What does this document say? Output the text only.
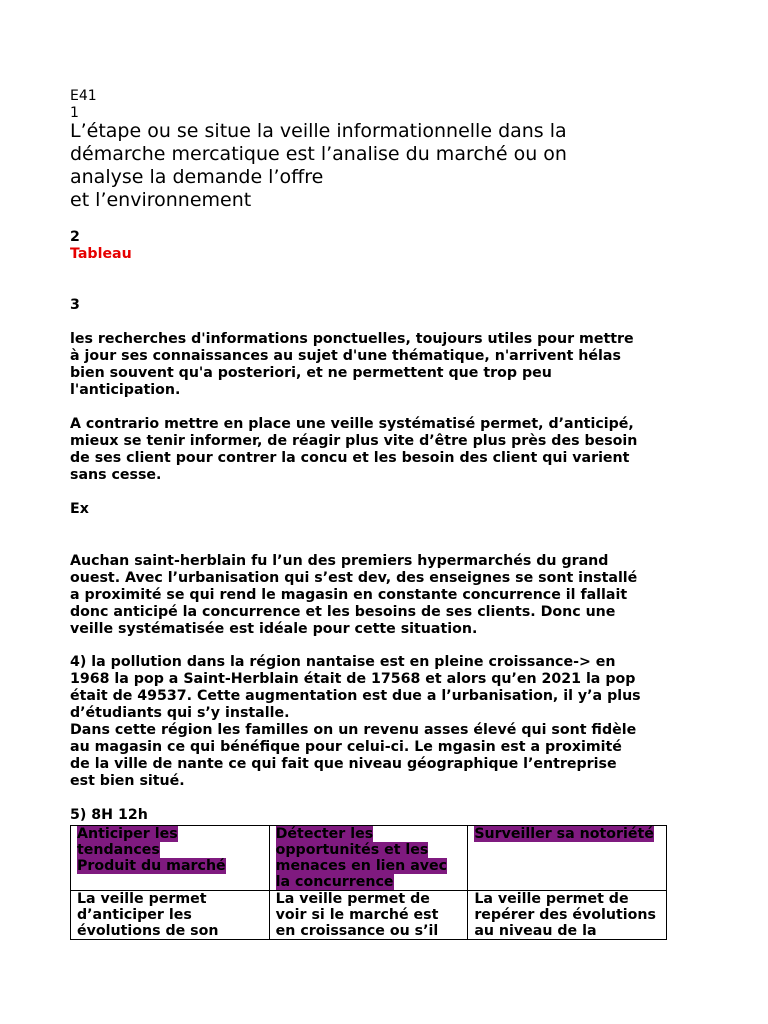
E41

1

L’étape ou se situe la veille informationnelle dans la
démarche mercatique est l’analise du marché ou on
analyse la demande l’offre
et l’environnement

2

Tableau

3

les recherches d'informations ponctuelles, toujours utiles pour mettre
à jour ses connaissances au sujet d'une thématique, n'arrivent hélas
bien souvent qu'a posteriori, et ne permettent que trop peu
l'anticipation.
A contrario mettre en place une veille systématisé permet, d’anticipé,
mieux se tenir informer, de réagir plus vite d’être plus près des besoin
de ses client pour contrer la concu et les besoin des client qui varient
sans cesse.

Ex

Auchan saint-herblain fu l’un des premiers hypermarchés du grand
ouest. Avec l’urbanisation qui s’est dev, des enseignes se sont installé
a proximité se qui rend le magasin en constante concurrence il fallait
donc anticipé la concurrence et les besoins de ses clients. Donc une
veille systématisée est idéale pour cette situation.
4) la pollution dans la région nantaise est en pleine croissance-> en
1968 la pop a Saint-Herblain était de 17568 et alors qu’en 2021 la pop
était de 49537. Cette augmentation est due a l’urbanisation, il y’a plus
d’étudiants qui s’y installe.
Dans cette région les familles on un revenu asses élevé qui sont fidèle
au magasin ce qui bénéfique pour celui-ci. Le mgasin est a proximité
de la ville de nante ce qui fait que niveau géographique l’entreprise
est bien situé.

5) 8H 12h

Anticiper les
tendances
Produit du marché	Détecter les
opportunités et les
menaces en lien avec
la concurrence	Surveiller sa notoriété

La veille permet
d’anticiper les
évolutions de son	La veille permet de
voir si le marché est
en croissance ou s’il	La veille permet de
repérer des évolutions
au niveau de la
